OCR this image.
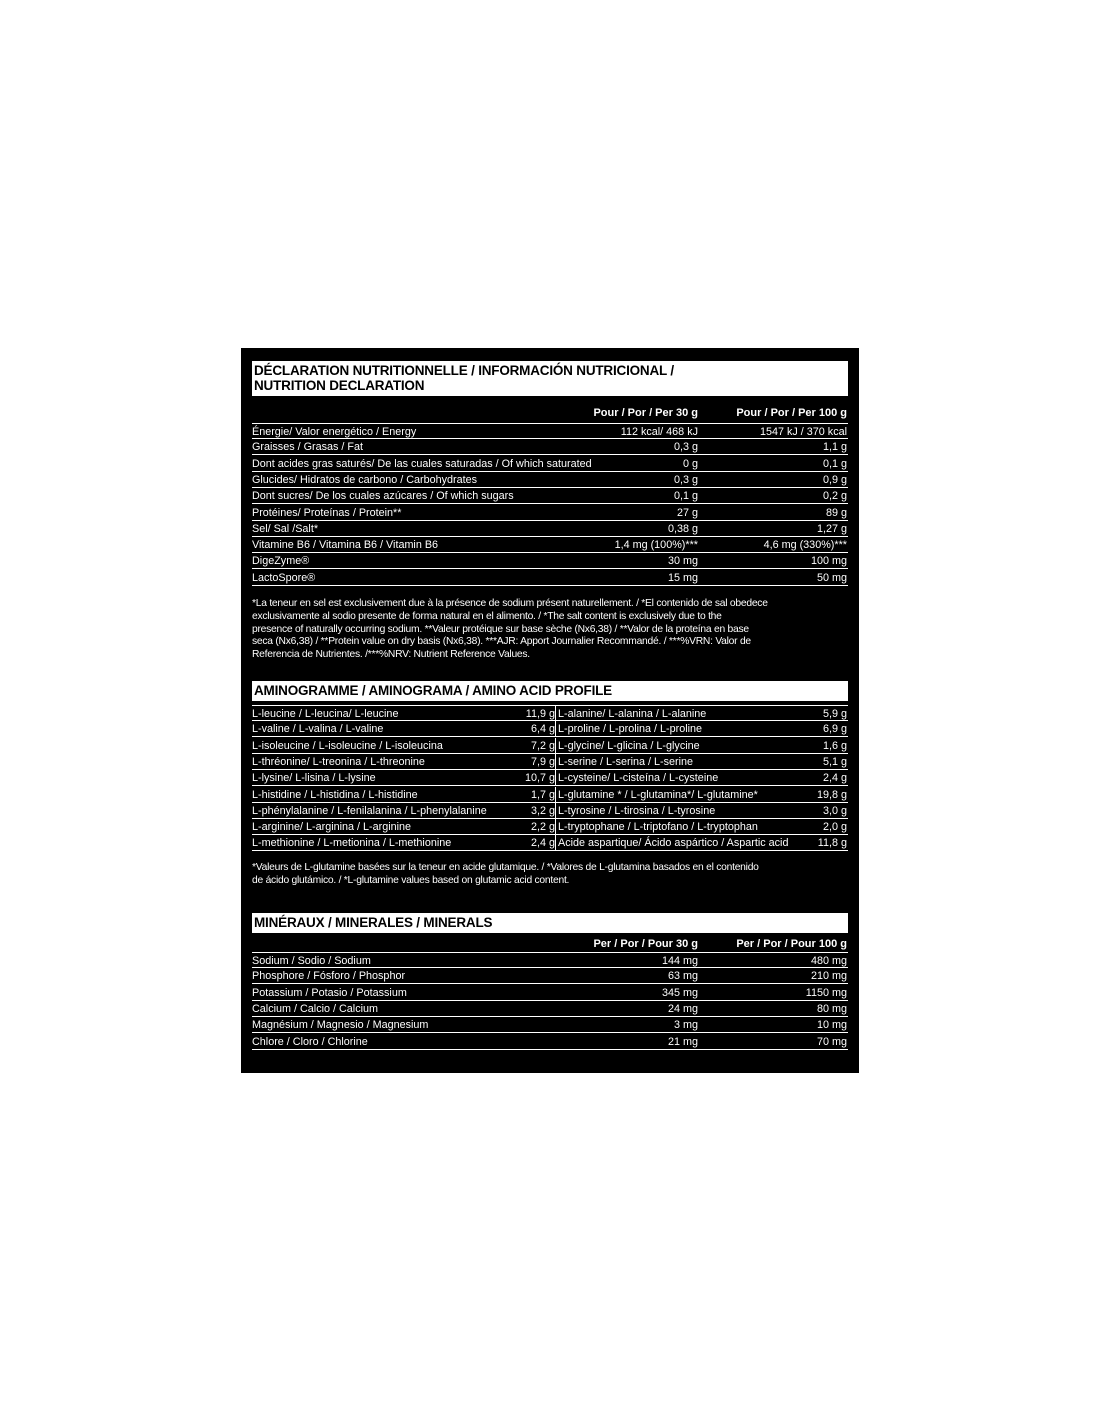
DÉCLARATION NUTRITIONNELLE / INFORMACIÓN NUTRICIONAL /
NUTRITION DECLARATION
Pour / Por / Per 30 g	Pour / Por / Per 100 g
Énergie/ Valor energético / Energy	112 kcal/ 468 kJ	1547 kJ / 370 kcal
Graisses / Grasas / Fat	0,3 g	1,1 g
Dont acides gras saturés/ De las cuales saturadas / Of which saturated	0 g	0,1 g
Glucides/ Hidratos de carbono / Carbohydrates	0,3 g	0,9 g
Dont sucres/ De los cuales azúcares / Of which sugars	0,1 g	0,2 g
Protéines/ Proteínas / Protein**	27 g	89 g
Sel/ Sal /Salt*	0,38 g	1,27 g
Vitamine B6 / Vitamina B6 / Vitamin B6	1,4 mg (100%)***	4,6 mg (330%)***
DigeZyme®	30 mg	100 mg
LactoSpore®	15 mg	50 mg
*La teneur en sel est exclusivement due à la présence de sodium présent naturellement. / *El contenido de sal obedece
exclusivamente al sodio presente de forma natural en el alimento. / *The salt content is exclusively due to the
presence of naturally occurring sodium. **Valeur protéique sur base sèche (Nx6,38) / **Valor de la proteína en base
seca (Nx6,38) / **Protein value on dry basis (Nx6,38). ***AJR: Apport Journalier Recommandé. / ***%VRN: Valor de
Referencia de Nutrientes. /***%NRV: Nutrient Reference Values.
AMINOGRAMME / AMINOGRAMA / AMINO ACID PROFILE
L-leucine / L-leucina/ L-leucine	11,9 g L-alanine/ L-alanina / L-alanine	5,9 g
L-valine / L-valina / L-valine	6,4 g L-proline / L-prolina / L-proline	6,9 g
L-isoleucine / L-isoleucine / L-isoleucina	7,2 g L-glycine/ L-glicina / L-glycine	1,6 g
L-thréonine/ L-treonina / L-threonine	7,9 g L-serine / L-serina / L-serine	5,1 g
L-lysine/ L-lisina / L-lysine	10,7 g L-cysteine/ L-cisteína / L-cysteine	2,4 g
L-histidine / L-histidina / L-histidine	1,7 g L-glutamine * / L-glutamina*/ L-glutamine*	19,8 g
L-phénylalanine / L-fenilalanina / L-phenylalanine	3,2 g L-tyrosine / L-tirosina / L-tyrosine	3,0 g
L-arginine/ L-arginina / L-arginine	2,2 g L-tryptophane / L-triptofano / L-tryptophan	2,0 g
L-methionine / L-metionina / L-methionine	2,4 g Acide aspartique/ Ácido aspártico / Aspartic acid	11,8 g
*Valeurs de L-glutamine basées sur la teneur en acide glutamique. / *Valores de L-glutamina basados en el contenido
de ácido glutámico. / *L-glutamine values based on glutamic acid content.
MINÉRAUX / MINERALES / MINERALS
Per / Por / Pour 30 g	Per / Por / Pour 100 g
Sodium / Sodio / Sodium	144 mg	480 mg
Phosphore / Fósforo / Phosphor	63 mg	210 mg
Potassium / Potasio / Potassium	345 mg	1150 mg
Calcium / Calcio / Calcium	24 mg	80 mg
Magnésium / Magnesio / Magnesium	3 mg	10 mg
Chlore / Cloro / Chlorine	21 mg	70 mg
